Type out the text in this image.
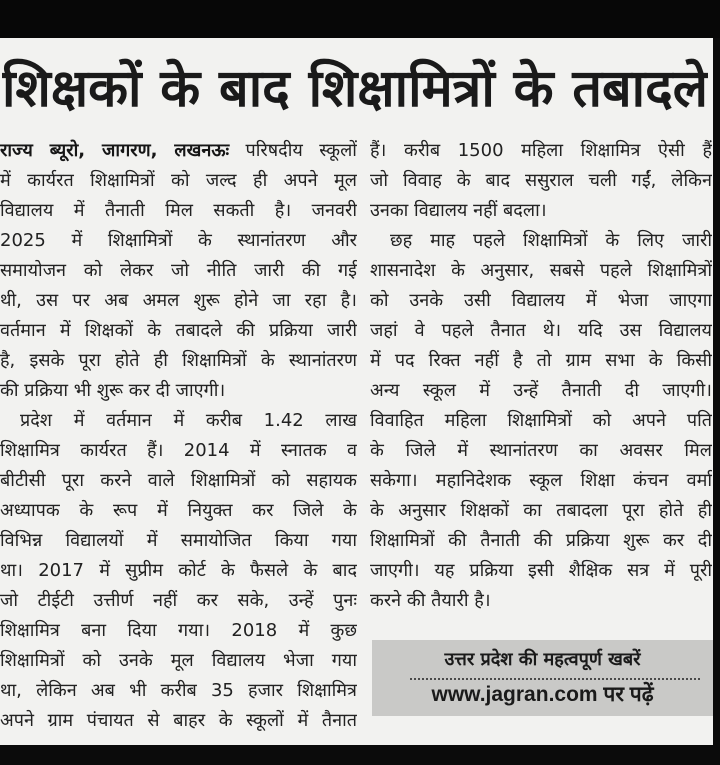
शिक्षकों के बाद शिक्षामित्रों के तबादले
राज्य ब्यूरो, जागरण, लखनऊः परिषदीय स्कूलों
में कार्यरत शिक्षामित्रों को जल्द ही अपने मूल
विद्यालय में तैनाती मिल सकती है। जनवरी
2025 में शिक्षामित्रों के स्थानांतरण और
समायोजन को लेकर जो नीति जारी की गई
थी, उस पर अब अमल शुरू होने जा रहा है।
वर्तमान में शिक्षकों के तबादले की प्रक्रिया जारी
है, इसके पूरा होते ही शिक्षामित्रों के स्थानांतरण
की प्रक्रिया भी शुरू कर दी जाएगी।
प्रदेश में वर्तमान में करीब 1.42 लाख
शिक्षामित्र कार्यरत हैं। 2014 में स्नातक व
बीटीसी पूरा करने वाले शिक्षामित्रों को सहायक
अध्यापक के रूप में नियुक्त कर जिले के
विभिन्न विद्यालयों में समायोजित किया गया
था। 2017 में सुप्रीम कोर्ट के फैसले के बाद
जो टीईटी उत्तीर्ण नहीं कर सके, उन्हें पुनः
शिक्षामित्र बना दिया गया। 2018 में कुछ
शिक्षामित्रों को उनके मूल विद्यालय भेजा गया
था, लेकिन अब भी करीब 35 हजार शिक्षामित्र
अपने ग्राम पंचायत से बाहर के स्कूलों में तैनात
हैं। करीब 1500 महिला शिक्षामित्र ऐसी हैं
जो विवाह के बाद ससुराल चली गईं, लेकिन
उनका विद्यालय नहीं बदला।
छह माह पहले शिक्षामित्रों के लिए जारी
शासनादेश के अनुसार, सबसे पहले शिक्षामित्रों
को उनके उसी विद्यालय में भेजा जाएगा
जहां वे पहले तैनात थे। यदि उस विद्यालय
में पद रिक्त नहीं है तो ग्राम सभा के किसी
अन्य स्कूल में उन्हें तैनाती दी जाएगी।
विवाहित महिला शिक्षामित्रों को अपने पति
के जिले में स्थानांतरण का अवसर मिल
सकेगा। महानिदेशक स्कूल शिक्षा कंचन वर्मा
के अनुसार शिक्षकों का तबादला पूरा होते ही
शिक्षामित्रों की तैनाती की प्रक्रिया शुरू कर दी
जाएगी। यह प्रक्रिया इसी शैक्षिक सत्र में पूरी
करने की तैयारी है।
उत्तर प्रदेश की महत्वपूर्ण खबरें
www.jagran.com पर पढ़ें
